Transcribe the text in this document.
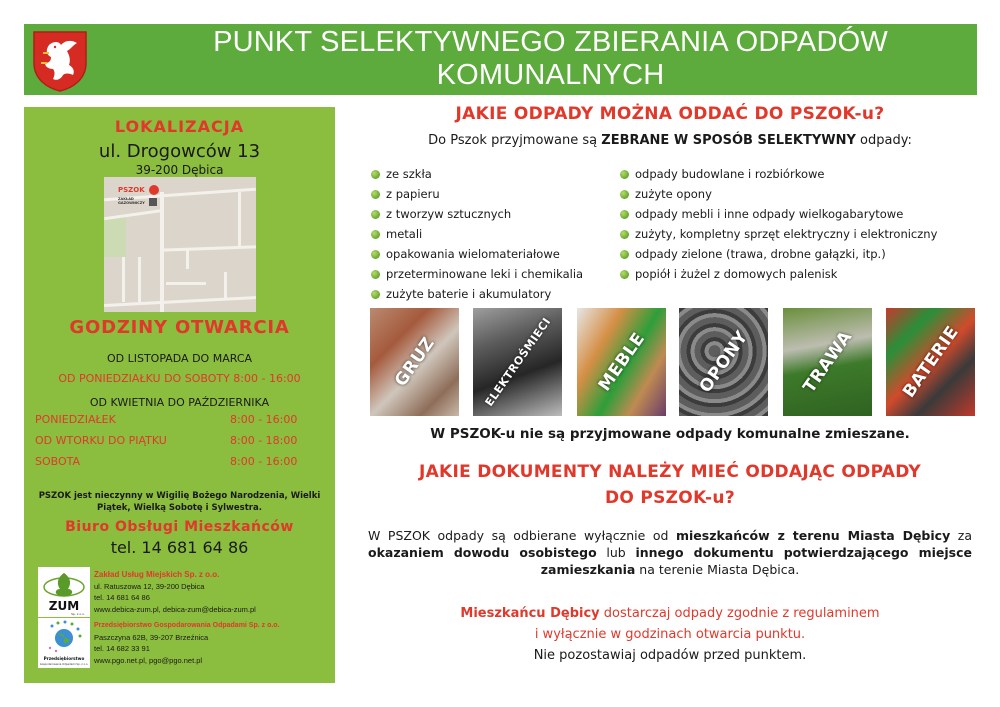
PUNKT SELEKTYWNEGO ZBIERANIA ODPADÓW
KOMUNALNYCH
LOKALIZACJA
ul. Drogowców 13
39-200 Dębica
PSZOK
ZAKŁAD
GAZOWNICZY
GODZINY OTWARCIA
OD LISTOPADA DO MARCA
OD PONIEDZIAŁKU DO SOBOTY 8:00 - 16:00
OD KWIETNIA DO PAŹDZIERNIKA
PONIEDZIAŁEK	8:00 - 16:00
OD WTORKU DO PIĄTKU	8:00 - 18:00
SOBOTA	8:00 - 16:00
PSZOK jest nieczynny w Wigilię Bożego Narodzenia, Wielki Piątek, Wielką Sobotę i Sylwestra.
Biuro Obsługi Mieszkańców
tel. 14 681 64 86
ZUM
Sp. z o.o.
Zakład Usług Miejskich Sp. z o.o.
ul. Ratuszowa 12, 39-200 Dębica
tel. 14 681 64 86
www.debica-zum.pl, debica-zum@debica-zum.pl
Przedsiębiorstwo
Gospodarowania Odpadami Sp. z o.o.
Przedsiębiorstwo Gospodarowania Odpadami Sp. z o.o.
Paszczyna 62B, 39-207 Brzeźnica
tel. 14 682 33 91
www.pgo.net.pl, pgo@pgo.net.pl
JAKIE ODPADY MOŻNA ODDAĆ DO PSZOK-u?
Do Pszok przyjmowane są ZEBRANE W SPOSÓB SELEKTYWNY odpady:
ze szkła
z papieru
z tworzyw sztucznych
metali
opakowania wielomateriałowe
przeterminowane leki i chemikalia
zużyte baterie i akumulatory
odpady budowlane i rozbiórkowe
zużyte opony
odpady mebli i inne odpady wielkogabarytowe
zużyty, kompletny sprzęt elektryczny i elektroniczny
odpady zielone (trawa, drobne gałązki, itp.)
popiół i żużel z domowych palenisk
GRUZ	ELEKTROŚMIECI MEBLE	OPONY	TRAWA	BATERIE
W PSZOK-u nie są przyjmowane odpady komunalne zmieszane.
JAKIE DOKUMENTY NALEŻY MIEĆ ODDAJĄC ODPADY
DO PSZOK-u?
W PSZOK odpady są odbierane wyłącznie od mieszkańców z terenu Miasta Dębicy za okazaniem dowodu osobistego lub innego dokumentu potwierdzającego miejsce zamieszkania na terenie Miasta Dębica.
Mieszkańcu Dębicy dostarczaj odpady zgodnie z regulaminem
i wyłącznie w godzinach otwarcia punktu.
Nie pozostawiaj odpadów przed punktem.
